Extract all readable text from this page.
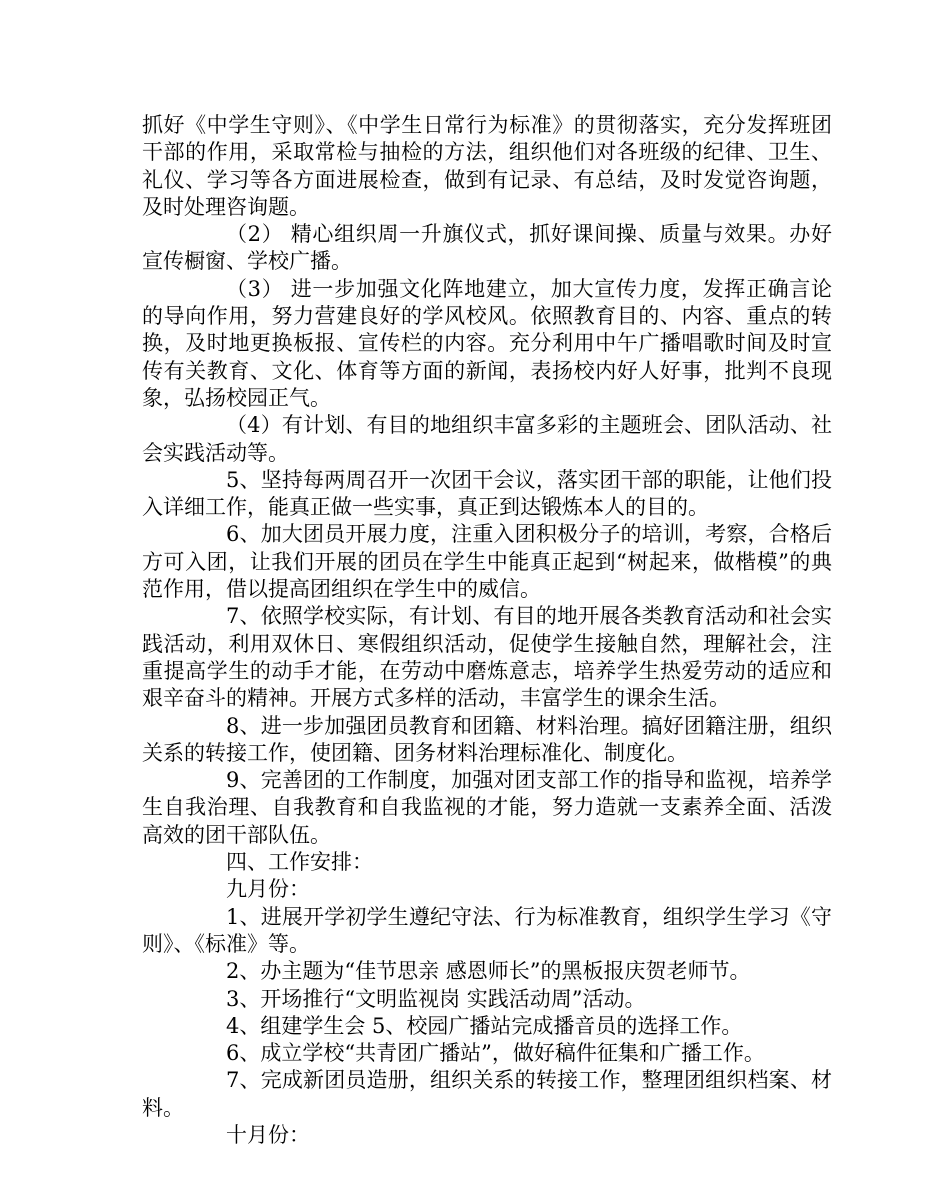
抓好《中学生守则》、《中学生日常行为标准》的贯彻落实，充分发挥班团干部的作用，采取常检与抽检的方法，组织他们对各班级的纪律、卫生、礼仪、学习等各方面进展检查，做到有记录、有总结，及时发觉咨询题，及时处理咨询题。

（2） 精心组织周一升旗仪式，抓好课间操、质量与效果。办好宣传橱窗、学校广播。

（3） 进一步加强文化阵地建立，加大宣传力度，发挥正确言论的导向作用，努力营建良好的学风校风。依照教育目的、内容、重点的转换，及时地更换板报、宣传栏的内容。充分利用中午广播唱歌时间及时宣传有关教育、文化、体育等方面的新闻，表扬校内好人好事，批判不良现象，弘扬校园正气。

（4）有计划、有目的地组织丰富多彩的主题班会、团队活动、社会实践活动等。

5、坚持每两周召开一次团干会议，落实团干部的职能，让他们投入详细工作，能真正做一些实事，真正到达锻炼本人的目的。

6、加大团员开展力度，注重入团积极分子的培训，考察，合格后方可入团，让我们开展的团员在学生中能真正起到“树起来，做楷模”的典范作用，借以提高团组织在学生中的威信。

7、依照学校实际，有计划、有目的地开展各类教育活动和社会实践活动，利用双休日、寒假组织活动，促使学生接触自然，理解社会，注重提高学生的动手才能，在劳动中磨炼意志，培养学生热爱劳动的适应和艰辛奋斗的精神。开展方式多样的活动，丰富学生的课余生活。

8、进一步加强团员教育和团籍、材料治理。搞好团籍注册，组织关系的转接工作，使团籍、团务材料治理标准化、制度化。

9、完善团的工作制度，加强对团支部工作的指导和监视，培养学生自我治理、自我教育和自我监视的才能，努力造就一支素养全面、活泼高效的团干部队伍。

四、工作安排：

九月份：

1、进展开学初学生遵纪守法、行为标准教育，组织学生学习《守则》、《标准》等。

2、办主题为“佳节思亲 感恩师长”的黑板报庆贺老师节。

3、开场推行“文明监视岗 实践活动周”活动。

4、组建学生会 5、校园广播站完成播音员的选择工作。

6、成立学校“共青团广播站”，做好稿件征集和广播工作。

7、完成新团员造册，组织关系的转接工作，整理团组织档案、材料。

十月份：
